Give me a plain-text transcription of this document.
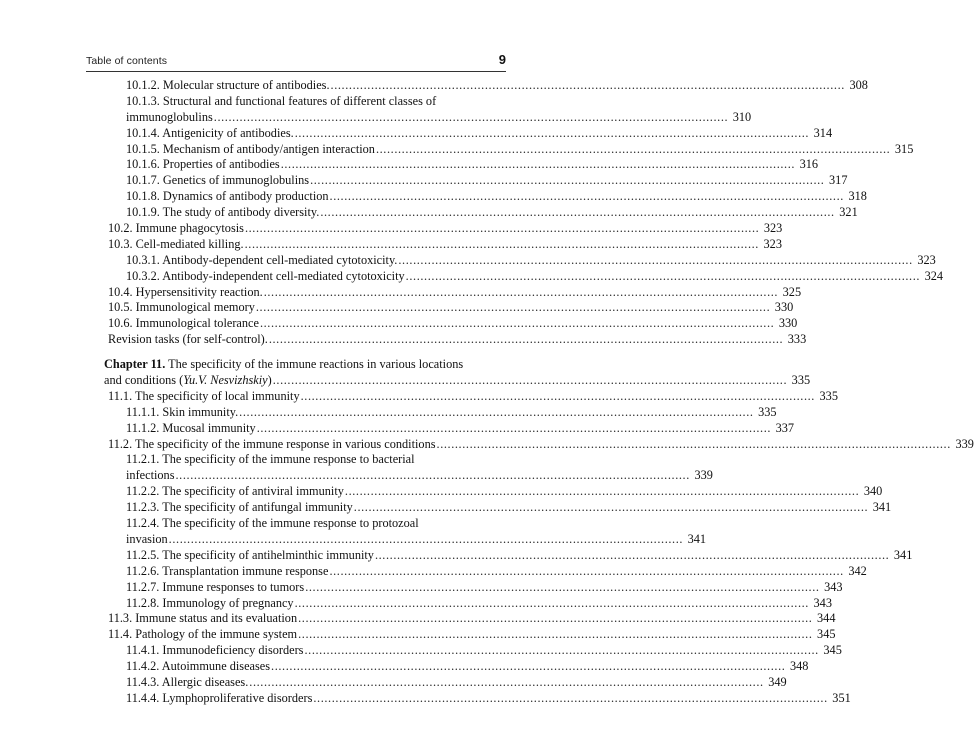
Table of contents	9
10.1.2. Molecular structure of antibodies. ............................................................................................................................................ 308
10.1.3. Structural and functional features of different classes of
immunoglobulins ............................................................................................................................................ 310
10.1.4. Antigenicity of antibodies. ............................................................................................................................................ 314
10.1.5. Mechanism of antibody/antigen interaction ............................................................................................................................................ 315
10.1.6. Properties of antibodies ............................................................................................................................................ 316
10.1.7. Genetics of immunoglobulins ............................................................................................................................................ 317
10.1.8. Dynamics of antibody production ............................................................................................................................................ 318
10.1.9. The study of antibody diversity. ............................................................................................................................................ 321
10.2. Immune phagocytosis ............................................................................................................................................ 323
10.3. Cell-mediated killing. ............................................................................................................................................ 323
10.3.1. Antibody-dependent cell-mediated cytotoxicity. ............................................................................................................................................ 323
10.3.2. Antibody-independent cell-mediated cytotoxicity ............................................................................................................................................ 324
10.4. Hypersensitivity reaction. ............................................................................................................................................ 325
10.5. Immunological memory ............................................................................................................................................ 330
10.6. Immunological tolerance ............................................................................................................................................ 330
Revision tasks (for self-control). ............................................................................................................................................ 333
Chapter 11. The specificity of the immune reactions in various locations
and conditions (Yu.V. Nesvizhskiy) ............................................................................................................................................ 335
11.1. The specificity of local immunity ............................................................................................................................................ 335
11.1.1. Skin immunity. ............................................................................................................................................ 335
11.1.2. Mucosal immunity ............................................................................................................................................ 337
11.2. The specificity of the immune response in various conditions ............................................................................................................................................ 339
11.2.1. The specificity of the immune response to bacterial
infections ............................................................................................................................................ 339
11.2.2. The specificity of antiviral immunity ............................................................................................................................................ 340
11.2.3. The specificity of antifungal immunity ............................................................................................................................................ 341
11.2.4. The specificity of the immune response to protozoal
invasion ............................................................................................................................................ 341
11.2.5. The specificity of antihelminthic immunity ............................................................................................................................................ 341
11.2.6. Transplantation immune response ............................................................................................................................................ 342
11.2.7. Immune responses to tumors ............................................................................................................................................ 343
11.2.8. Immunology of pregnancy ............................................................................................................................................ 343
11.3. Immune status and its evaluation ............................................................................................................................................ 344
11.4. Pathology of the immune system ............................................................................................................................................ 345
11.4.1. Immunodeficiency disorders ............................................................................................................................................ 345
11.4.2. Autoimmune diseases ............................................................................................................................................ 348
11.4.3. Allergic diseases. ............................................................................................................................................ 349
11.4.4. Lymphoproliferative disorders ............................................................................................................................................ 351
